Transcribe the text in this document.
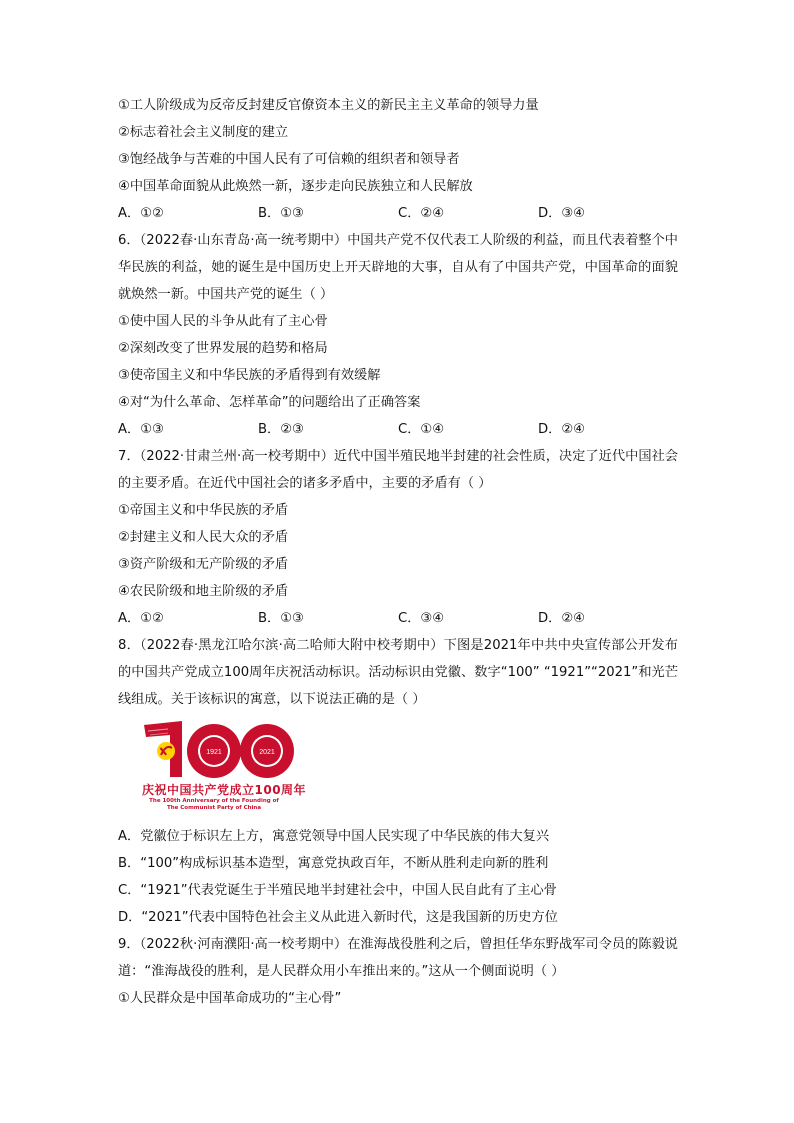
①工人阶级成为反帝反封建反官僚资本主义的新民主主义革命的领导力量
②标志着社会主义制度的建立
③饱经战争与苦难的中国人民有了可信赖的组织者和领导者
④中国革命面貌从此焕然一新，逐步走向民族独立和人民解放
A．①②	B．①③	C．②④	D．③④
6．（2022春·山东青岛·高一统考期中）中国共产党不仅代表工人阶级的利益，而且代表着整个中华民族的利益，她的诞生是中国历史上开天辟地的大事，自从有了中国共产党，中国革命的面貌就焕然一新。中国共产党的诞生（ ）
①使中国人民的斗争从此有了主心骨
②深刻改变了世界发展的趋势和格局
③使帝国主义和中华民族的矛盾得到有效缓解
④对“为什么革命、怎样革命”的问题给出了正确答案
A．①③	B．②③	C．①④	D．②④
7．（2022·甘肃兰州·高一校考期中）近代中国半殖民地半封建的社会性质，决定了近代中国社会的主要矛盾。在近代中国社会的诸多矛盾中，主要的矛盾有（ ）
①帝国主义和中华民族的矛盾
②封建主义和人民大众的矛盾
③资产阶级和无产阶级的矛盾
④农民阶级和地主阶级的矛盾
A．①②	B．①③	C．③④	D．②④
8．（2022春·黑龙江哈尔滨·高二哈师大附中校考期中）下图是2021年中共中央宣传部公开发布的中国共产党成立100周年庆祝活动标识。活动标识由党徽、数字“100” “1921”“2021”和光芒线组成。关于该标识的寓意，以下说法正确的是（ ）
1921	2021
庆祝中国共产党成立100周年
The 100th Anniversary of the Founding of The Communist Party of China
A．党徽位于标识左上方，寓意党领导中国人民实现了中华民族的伟大复兴
B．“100”构成标识基本造型，寓意党执政百年，不断从胜利走向新的胜利
C．“1921”代表党诞生于半殖民地半封建社会中，中国人民自此有了主心骨
D．“2021”代表中国特色社会主义从此进入新时代，这是我国新的历史方位
9．（2022秋·河南濮阳·高一校考期中）在淮海战役胜利之后，曾担任华东野战军司令员的陈毅说道：“淮海战役的胜利，是人民群众用小车推出来的。”这从一个侧面说明（ ）
①人民群众是中国革命成功的“主心骨”
